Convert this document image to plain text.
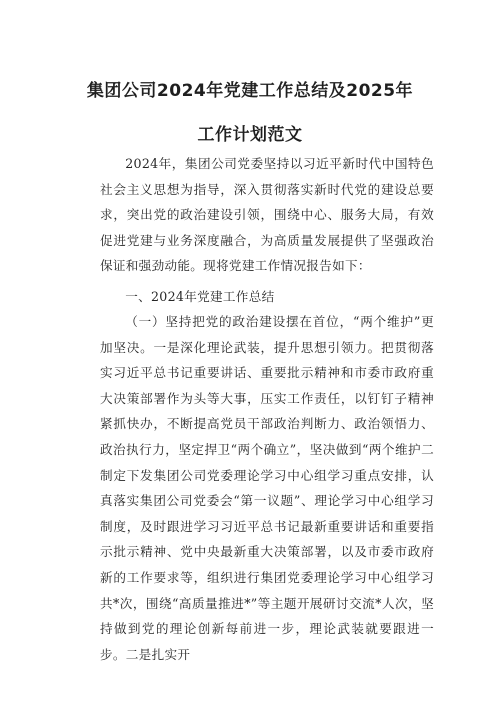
集团公司2024年党建工作总结及2025年
工作计划范文

2024年，集团公司党委坚持以习近平新时代中国特色社会主义思想为指导，深入贯彻落实新时代党的建设总要求，突出党的政治建设引领，围绕中心、服务大局，有效促进党建与业务深度融合，为高质量发展提供了坚强政治保证和强劲动能。现将党建工作情况报告如下：

一、2024年党建工作总结

（一）坚持把党的政治建设摆在首位，“两个维护”更加坚决。一是深化理论武装，提升思想引领力。把贯彻落实习近平总书记重要讲话、重要批示精神和市委市政府重大决策部署作为头等大事，压实工作责任，以钉钉子精神紧抓快办，不断提高党员干部政治判断力、政治领悟力、政治执行力，坚定捍卫“两个确立”，坚决做到“两个维护二制定下发集团公司党委理论学习中心组学习重点安排，认真落实集团公司党委会“第一议题”、理论学习中心组学习制度，及时跟进学习习近平总书记最新重要讲话和重要指示批示精神、党中央最新重大决策部署，以及市委市政府新的工作要求等，组织进行集团党委理论学习中心组学习共*次，围绕“高质量推进*”等主题开展研讨交流*人次，坚持做到党的理论创新每前进一步，理论武装就要跟进一步。二是扎实开
